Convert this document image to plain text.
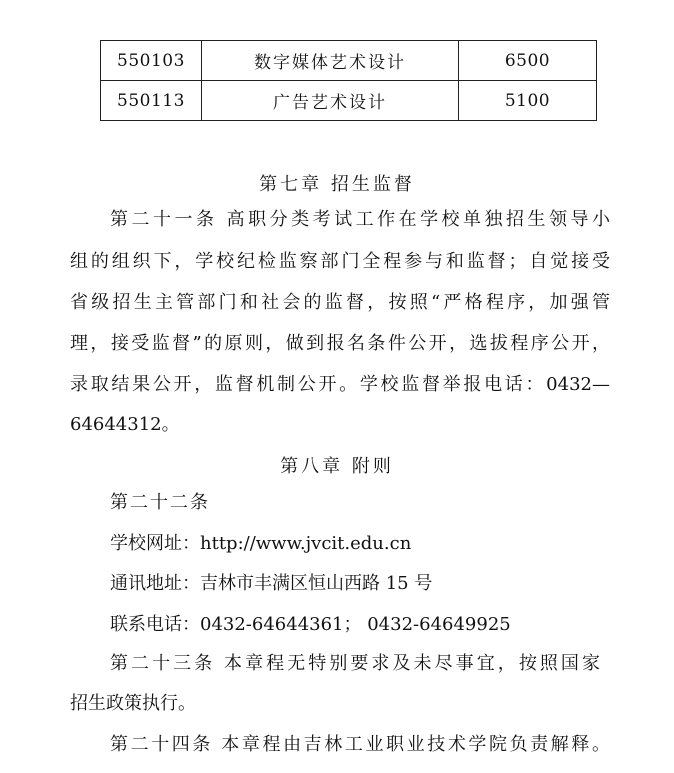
550103	数字媒体艺术设计	6500
550113	广告艺术设计	5100
第七章 招生监督
第二十一条 高职分类考试工作在学校单独招生领导小
组的组织下，学校纪检监察部门全程参与和监督；自觉接受
省级招生主管部门和社会的监督，按照“严格程序，加强管
理，接受监督”的原则，做到报名条件公开，选拔程序公开，
录取结果公开，监督机制公开。学校监督举报电话：0432—
64644312。
第八章 附则
第二十二条
学校网址：http://www.jvcit.edu.cn
通讯地址：吉林市丰满区恒山西路 15 号
联系电话：0432-64644361； 0432-64649925
第二十三条 本章程无特别要求及未尽事宜，按照国家
招生政策执行。
第二十四条 本章程由吉林工业职业技术学院负责解释。
